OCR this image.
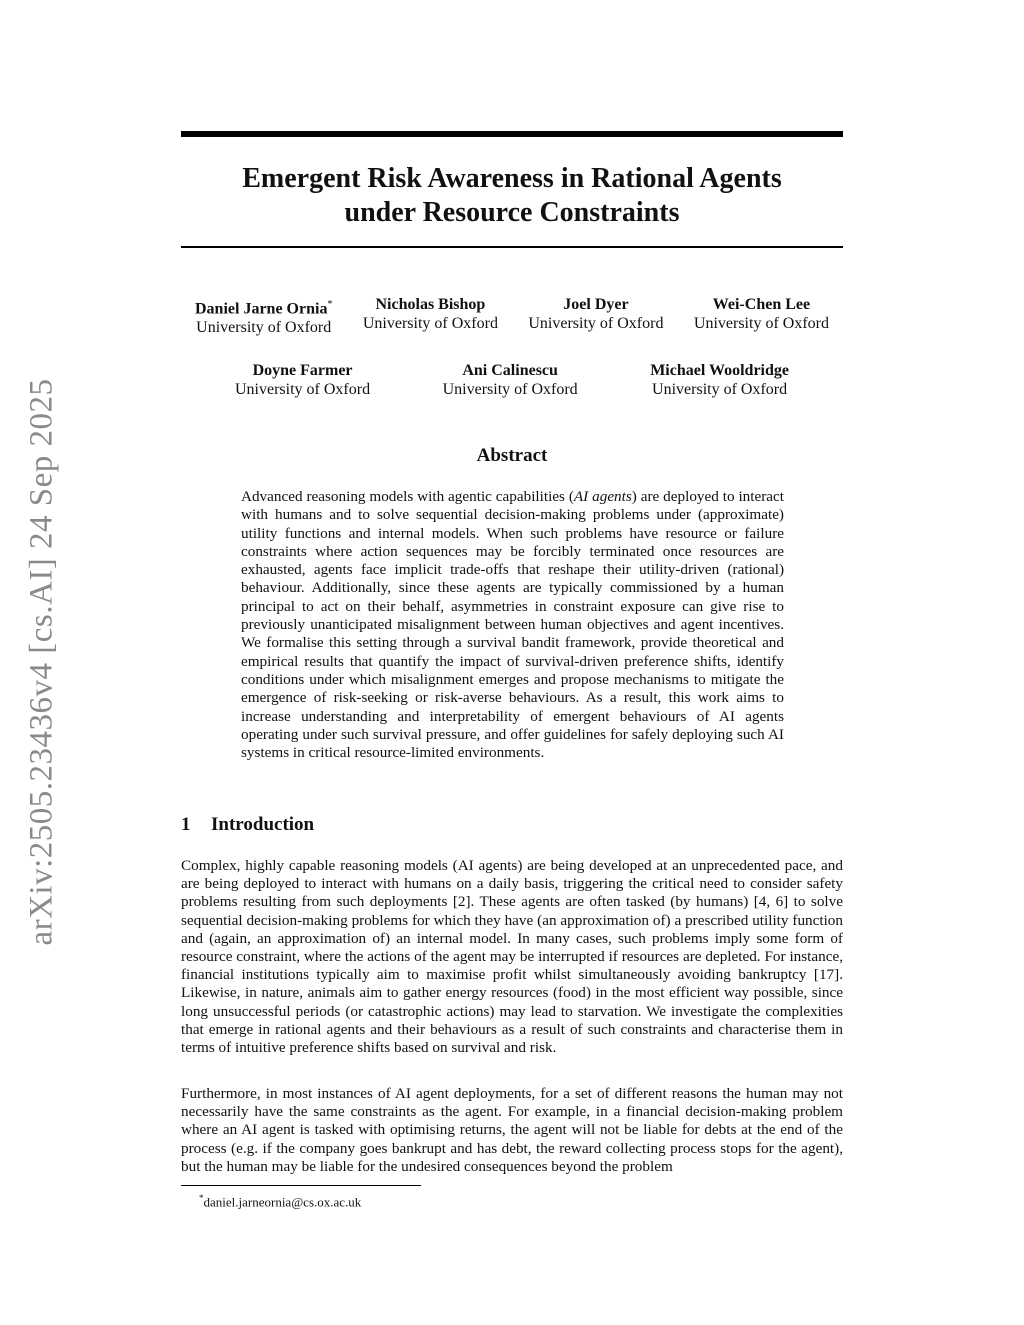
arXiv:2505.23436v4 [cs.AI] 24 Sep 2025
Emergent Risk Awareness in Rational Agents
under Resource Constraints
Daniel Jarne Ornia*
University of Oxford
Nicholas Bishop
University of Oxford
Joel Dyer
University of Oxford
Wei-Chen Lee
University of Oxford
Doyne Farmer
University of Oxford
Ani Calinescu
University of Oxford
Michael Wooldridge
University of Oxford
Abstract
Advanced reasoning models with agentic capabilities (AI agents) are deployed to interact with humans and to solve sequential decision-making problems under (approximate) utility functions and internal models. When such problems have resource or failure constraints where action sequences may be forcibly terminated once resources are exhausted, agents face implicit trade-offs that reshape their utility-driven (rational) behaviour. Additionally, since these agents are typically commissioned by a human principal to act on their behalf, asymmetries in constraint exposure can give rise to previously unanticipated misalignment between human objectives and agent incentives. We formalise this setting through a survival bandit framework, provide theoretical and empirical results that quantify the impact of survival-driven preference shifts, identify conditions under which misalignment emerges and propose mechanisms to mitigate the emergence of risk-seeking or risk-averse behaviours. As a result, this work aims to increase understanding and interpretability of emergent behaviours of AI agents operating under such survival pressure, and offer guidelines for safely deploying such AI systems in critical resource-limited environments.
1 Introduction

Complex, highly capable reasoning models (AI agents) are being developed at an unprecedented pace, and are being deployed to interact with humans on a daily basis, triggering the critical need to consider safety problems resulting from such deployments [2]. These agents are often tasked (by humans) [4, 6] to solve sequential decision-making problems for which they have (an approximation of) a prescribed utility function and (again, an approximation of) an internal model. In many cases, such problems imply some form of resource constraint, where the actions of the agent may be interrupted if resources are depleted. For instance, financial institutions typically aim to maximise profit whilst simultaneously avoiding bankruptcy [17]. Likewise, in nature, animals aim to gather energy resources (food) in the most efficient way possible, since long unsuccessful periods (or catastrophic actions) may lead to starvation. We investigate the complexities that emerge in rational agents and their behaviours as a result of such constraints and characterise them in terms of intuitive preference shifts based on survival and risk.

Furthermore, in most instances of AI agent deployments, for a set of different reasons the human may not necessarily have the same constraints as the agent. For example, in a financial decision-making problem where an AI agent is tasked with optimising returns, the agent will not be liable for debts at the end of the process (e.g. if the company goes bankrupt and has debt, the reward collecting process stops for the agent), but the human may be liable for the undesired consequences beyond the problem

*daniel.jarneornia@cs.ox.ac.uk
